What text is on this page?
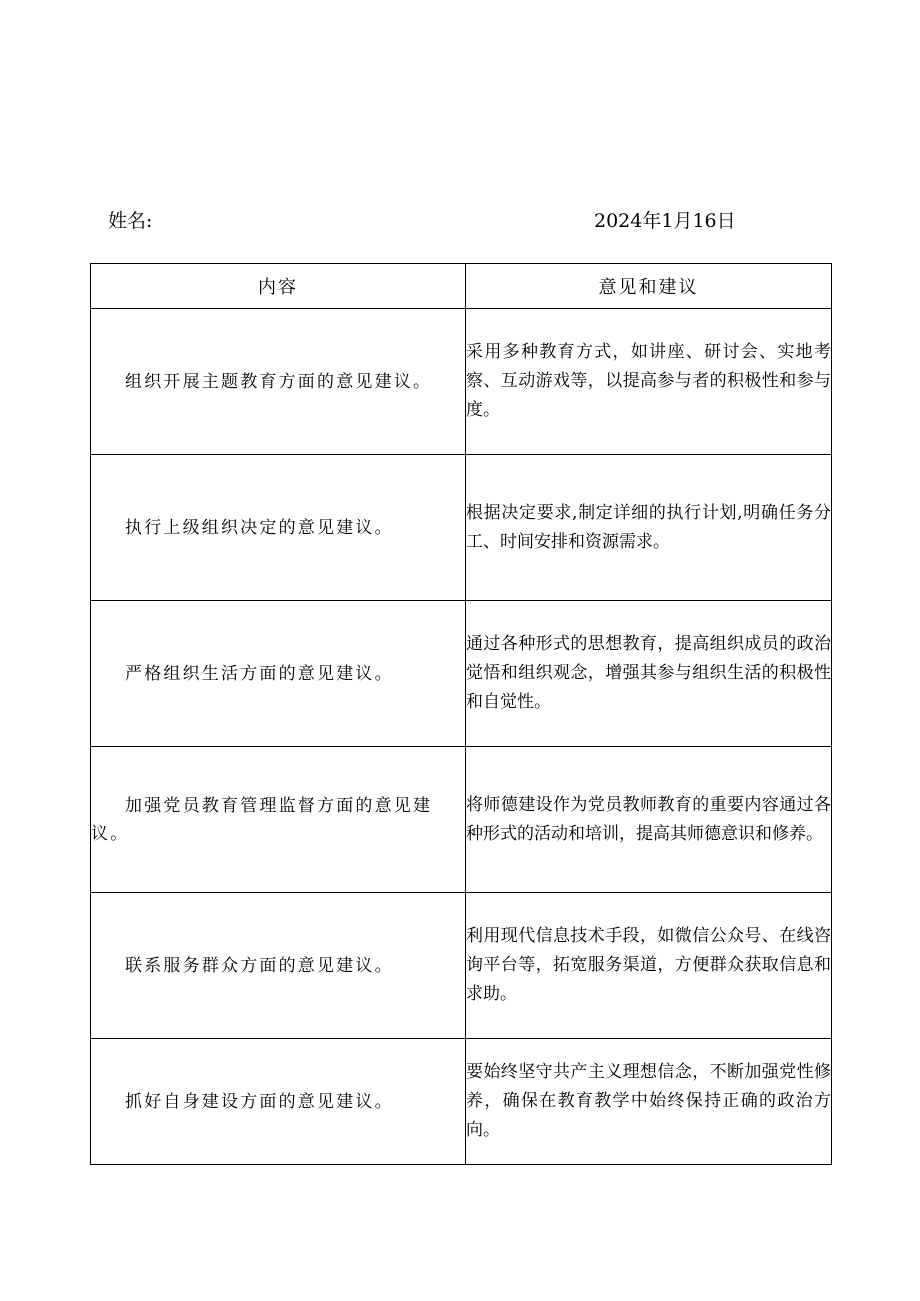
姓名:	2024年1月16日
内容	意见和建议

组织开展主题教育方面的意见建议。	采用多种教育方式，如讲座、研讨会、实地考察、互动游戏等，以提高参与者的积极性和参与度。

执行上级组织决定的意见建议。	根据决定要求,制定详细的执行计划,明确任务分工、时间安排和资源需求。

严格组织生活方面的意见建议。	通过各种形式的思想教育，提高组织成员的政治觉悟和组织观念，增强其参与组织生活的积极性和自觉性。

加强党员教育管理监督方面的意见建议。	将师德建设作为党员教师教育的重要内容通过各种形式的活动和培训，提高其师德意识和修养。

联系服务群众方面的意见建议。	利用现代信息技术手段，如微信公众号、在线咨询平台等，拓宽服务渠道，方便群众获取信息和求助。

抓好自身建设方面的意见建议。	要始终坚守共产主义理想信念，不断加强党性修养，确保在教育教学中始终保持正确的政治方向。
